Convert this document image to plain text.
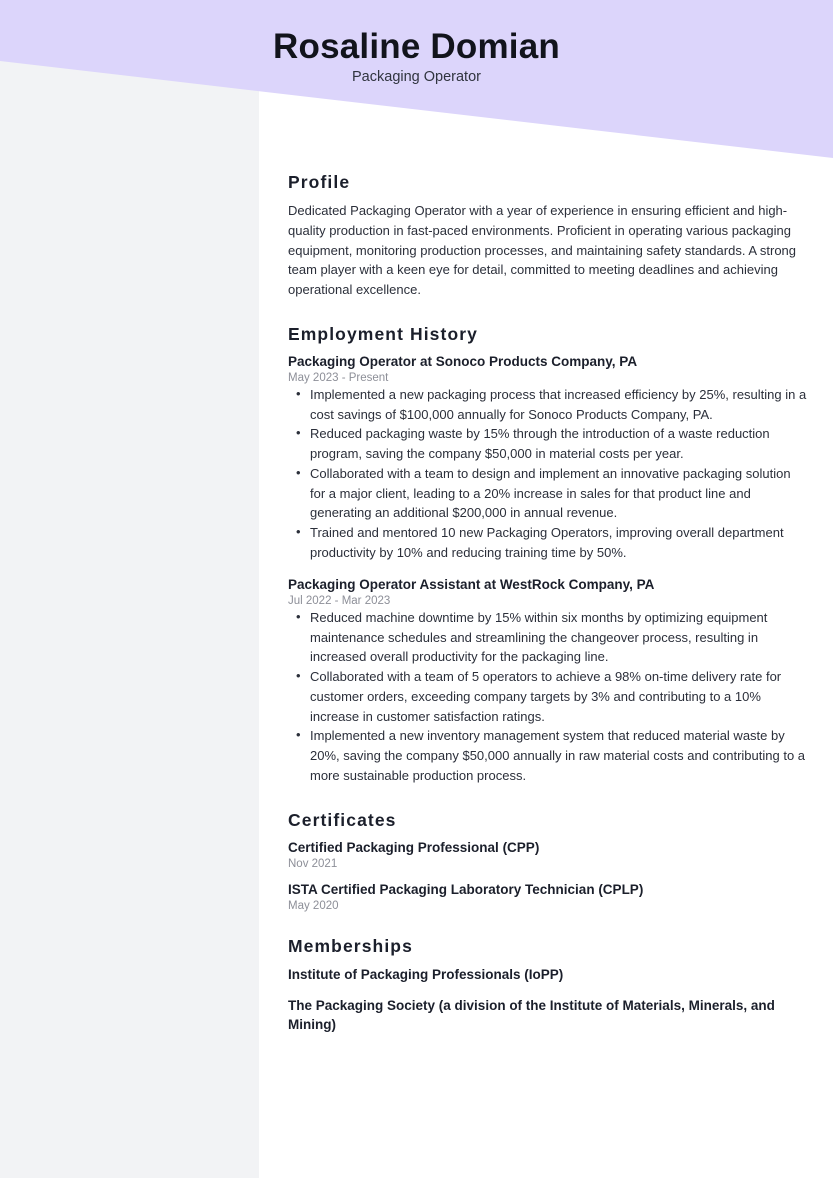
Rosaline Domian
Packaging Operator
Profile
Dedicated Packaging Operator with a year of experience in ensuring efficient and high-quality production in fast-paced environments. Proficient in operating various packaging equipment, monitoring production processes, and maintaining safety standards. A strong team player with a keen eye for detail, committed to meeting deadlines and achieving operational excellence.
Employment History
Packaging Operator at Sonoco Products Company, PA
May 2023 - Present
• Implemented a new packaging process that increased efficiency by 25%, resulting in a cost savings of $100,000 annually for Sonoco Products Company, PA.
• Reduced packaging waste by 15% through the introduction of a waste reduction program, saving the company $50,000 in material costs per year.
• Collaborated with a team to design and implement an innovative packaging solution for a major client, leading to a 20% increase in sales for that product line and generating an additional $200,000 in annual revenue.
• Trained and mentored 10 new Packaging Operators, improving overall department productivity by 10% and reducing training time by 50%.
Packaging Operator Assistant at WestRock Company, PA
Jul 2022 - Mar 2023
• Reduced machine downtime by 15% within six months by optimizing equipment maintenance schedules and streamlining the changeover process, resulting in increased overall productivity for the packaging line.
• Collaborated with a team of 5 operators to achieve a 98% on-time delivery rate for customer orders, exceeding company targets by 3% and contributing to a 10% increase in customer satisfaction ratings.
• Implemented a new inventory management system that reduced material waste by 20%, saving the company $50,000 annually in raw material costs and contributing to a more sustainable production process.
Certificates
Certified Packaging Professional (CPP)
Nov 2021
ISTA Certified Packaging Laboratory Technician (CPLP)
May 2020
Memberships
Institute of Packaging Professionals (IoPP)
The Packaging Society (a division of the Institute of Materials, Minerals, and Mining)
